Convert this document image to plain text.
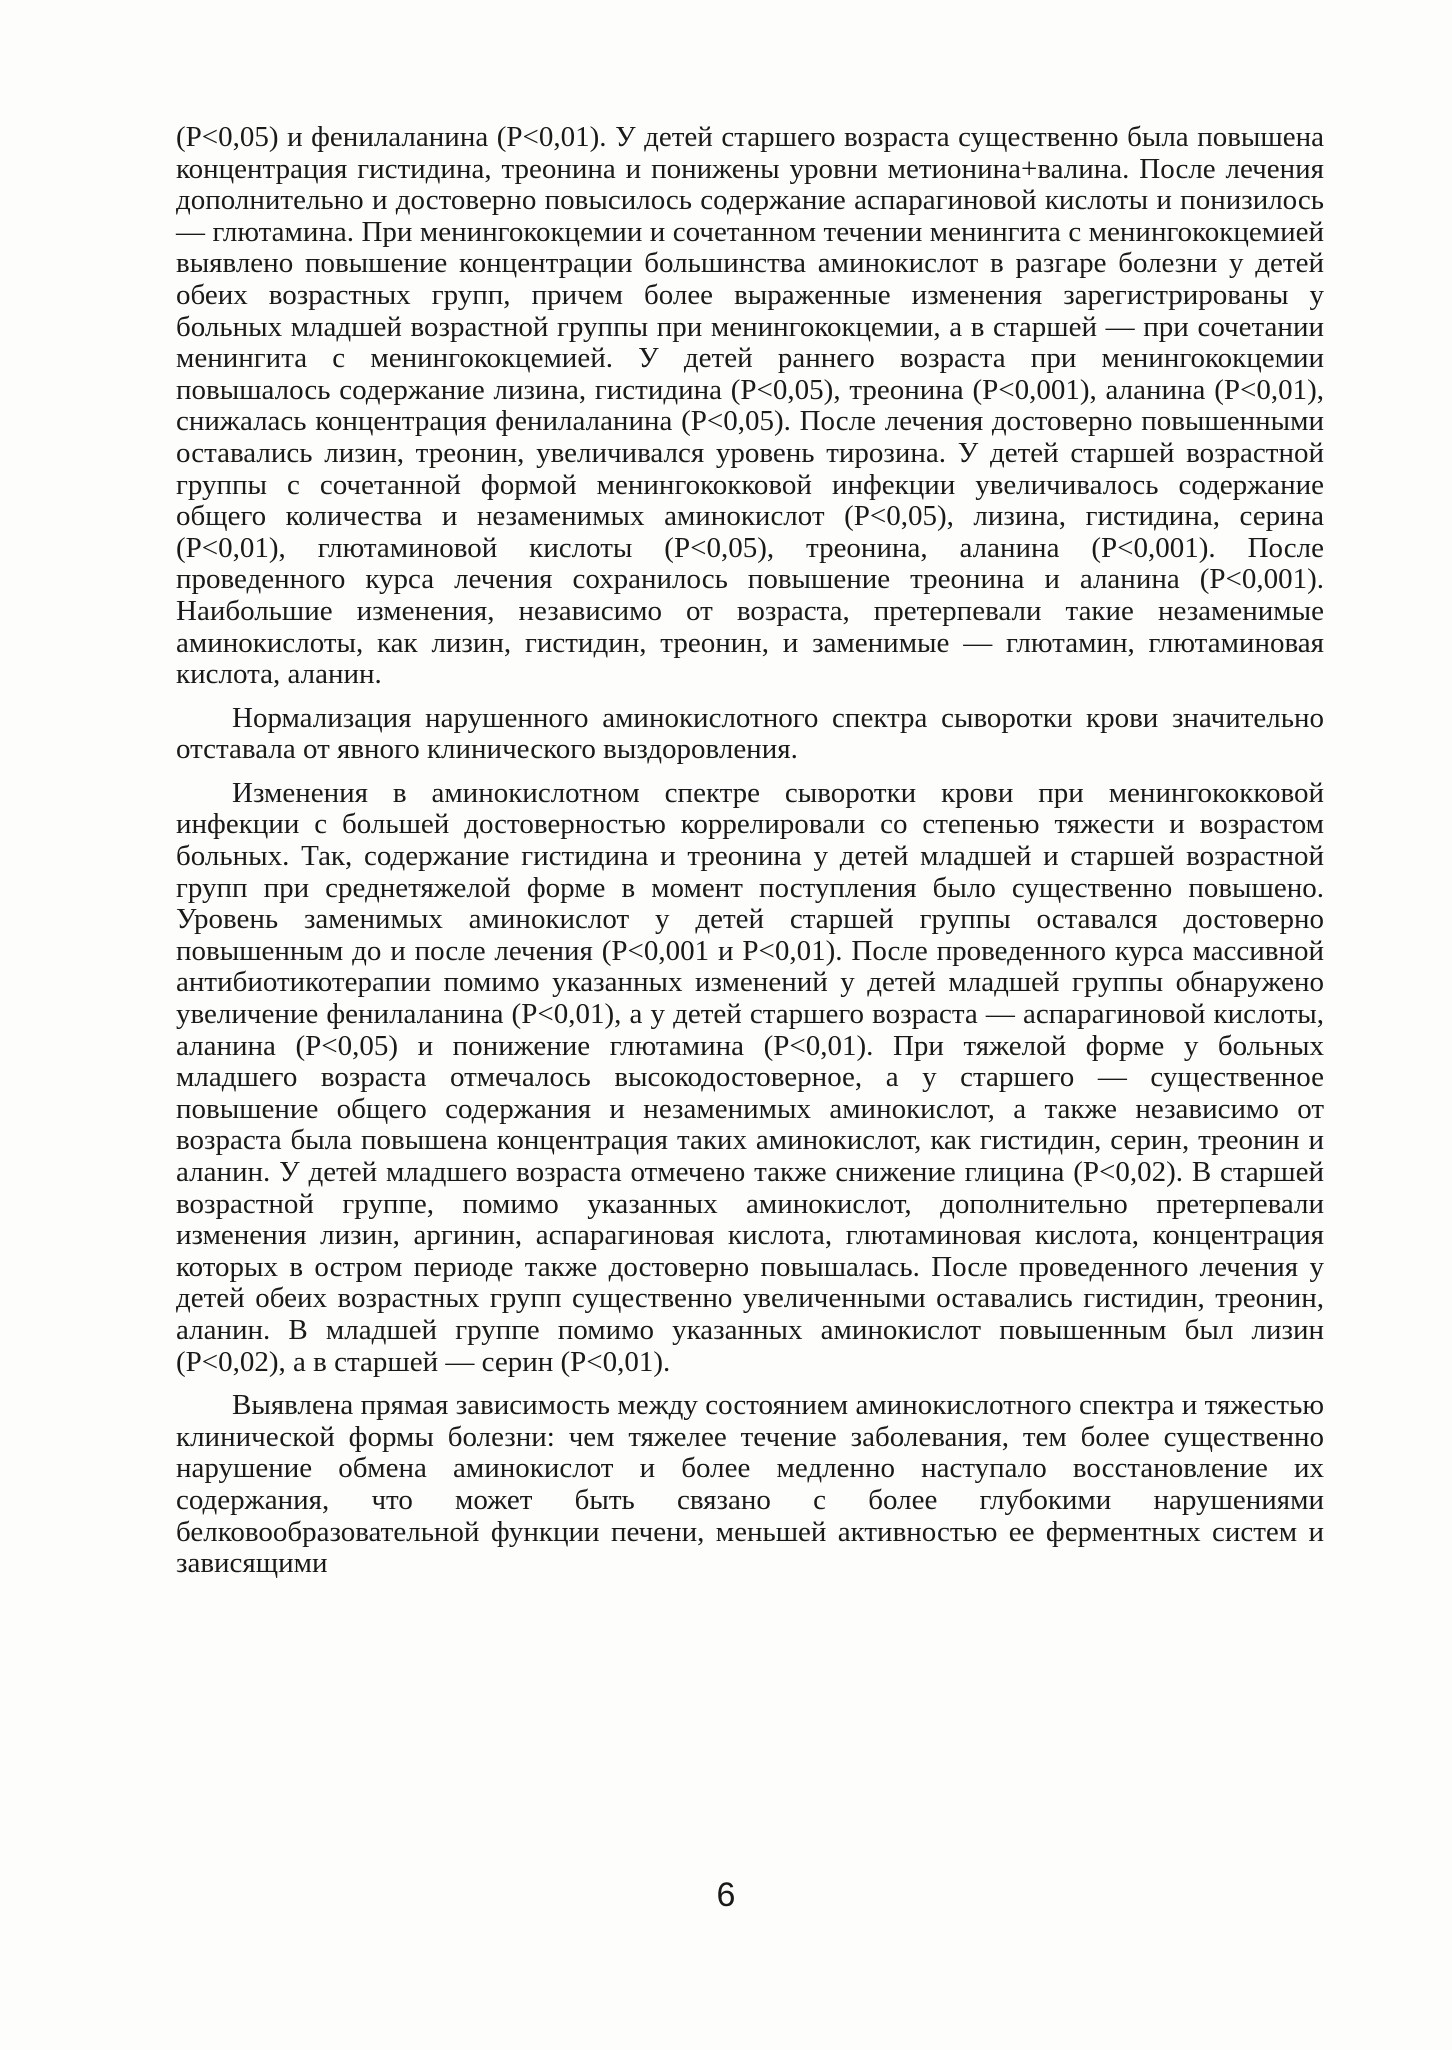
(Р<0,05) и фенилаланина (Р<0,01). У детей старшего возраста существенно была повышена концентрация гистидина, треонина и понижены уровни метионина+валина. После лечения дополнительно и достоверно повысилось содержание аспарагиновой кислоты и понизилось — глютамина. При менингококцемии и сочетанном течении менингита с менингококцемией выявлено повышение концентрации большинства аминокислот в разгаре болезни у детей обеих возрастных групп, причем более выраженные изменения зарегистрированы у больных младшей возрастной группы при менингококцемии, а в старшей — при сочетании менингита с менингококцемией. У детей раннего возраста при менингококцемии повышалось содержание лизина, гистидина (Р<0,05), треонина (Р<0,001), аланина (Р<0,01), снижалась концентрация фенилаланина (Р<0,05). После лечения достоверно повышенными оставались лизин, треонин, увеличивался уровень тирозина. У детей старшей возрастной группы с сочетанной формой менингококковой инфекции увеличивалось содержание общего количества и незаменимых аминокислот (Р<0,05), лизина, гистидина, серина (Р<0,01), глютаминовой кислоты (Р<0,05), треонина, аланина (Р<0,001). После проведенного курса лечения сохранилось повышение треонина и аланина (Р<0,001). Наибольшие изменения, независимо от возраста, претерпевали такие незаменимые аминокислоты, как лизин, гистидин, треонин, и заменимые — глютамин, глютаминовая кислота, аланин.

Нормализация нарушенного аминокислотного спектра сыворотки крови значительно отставала от явного клинического выздоровления.

Изменения в аминокислотном спектре сыворотки крови при менингококковой инфекции с большей достоверностью коррелировали со степенью тяжести и возрастом больных. Так, содержание гистидина и треонина у детей младшей и старшей возрастной групп при среднетяжелой форме в момент поступления было существенно повышено. Уровень заменимых аминокислот у детей старшей группы оставался достоверно повышенным до и после лечения (Р<0,001 и Р<0,01). После проведенного курса массивной антибиотикотерапии помимо указанных изменений у детей младшей группы обнаружено увеличение фенилаланина (Р<0,01), а у детей старшего возраста — аспарагиновой кислоты, аланина (Р<0,05) и понижение глютамина (Р<0,01). При тяжелой форме у больных младшего возраста отмечалось высокодостоверное, а у старшего — существенное повышение общего содержания и незаменимых аминокислот, а также независимо от возраста была повышена концентрация таких аминокислот, как гистидин, серин, треонин и аланин. У детей младшего возраста отмечено также снижение глицина (Р<0,02). В старшей возрастной группе, помимо указанных аминокислот, дополнительно претерпевали изменения лизин, аргинин, аспарагиновая кислота, глютаминовая кислота, концентрация которых в остром периоде также достоверно повышалась. После проведенного лечения у детей обеих возрастных групп существенно увеличенными оставались гистидин, треонин, аланин. В младшей группе помимо указанных аминокислот повышенным был лизин (Р<0,02), а в старшей — серин (Р<0,01).

Выявлена прямая зависимость между состоянием аминокислотного спектра и тяжестью клинической формы болезни: чем тяжелее течение заболевания, тем более существенно нарушение обмена аминокислот и более медленно наступало восстановление их содержания, что может быть связано с более глубокими нарушениями белковообразовательной функции печени, меньшей активностью ее ферментных систем и зависящими

6
